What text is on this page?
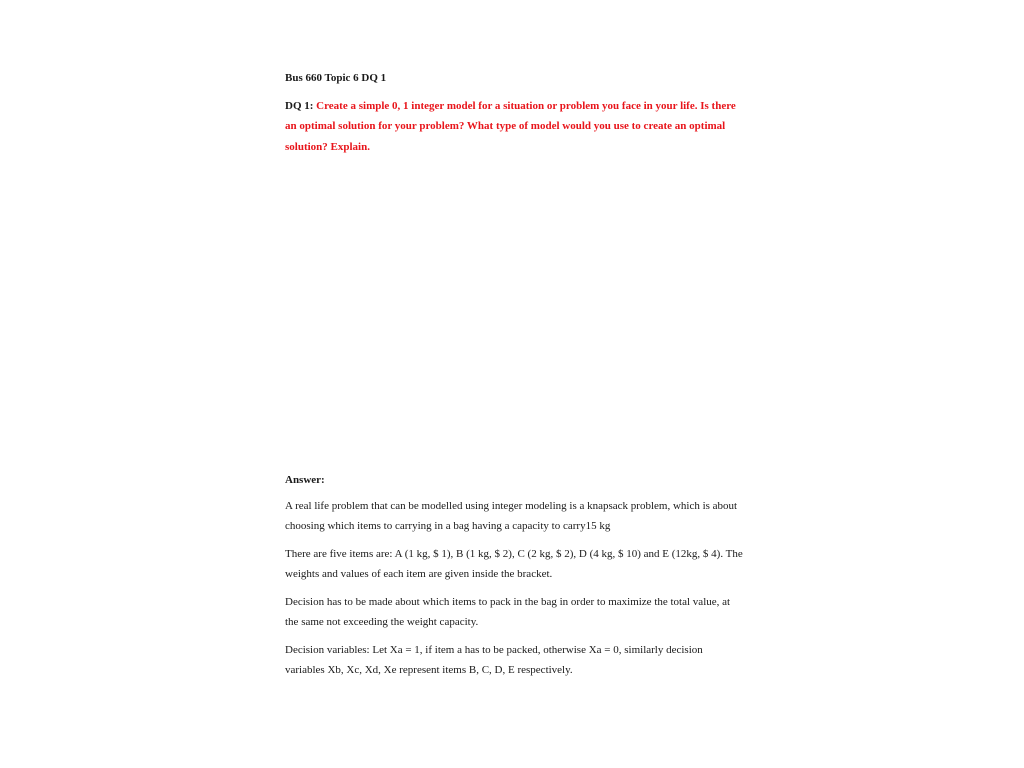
Bus 660 Topic 6 DQ 1
DQ 1: Create a simple 0, 1 integer model for a situation or problem you face in your life. Is there an optimal solution for your problem? What type of model would you use to create an optimal solution? Explain.
Answer:
A real life problem that can be modelled using integer modeling is a knapsack problem, which is about choosing which items to carrying in a bag having a capacity to carry15 kg
There are five items are: A (1 kg, $ 1), B (1 kg, $ 2), C (2 kg, $ 2), D (4 kg, $ 10) and E (12kg, $ 4). The weights and values of each item are given inside the bracket.
Decision has to be made about which items to pack in the bag in order to maximize the total value, at the same not exceeding the weight capacity.
Decision variables: Let Xa = 1, if item a has to be packed, otherwise Xa = 0, similarly decision variables Xb, Xc, Xd, Xe represent items B, C, D, E respectively.
